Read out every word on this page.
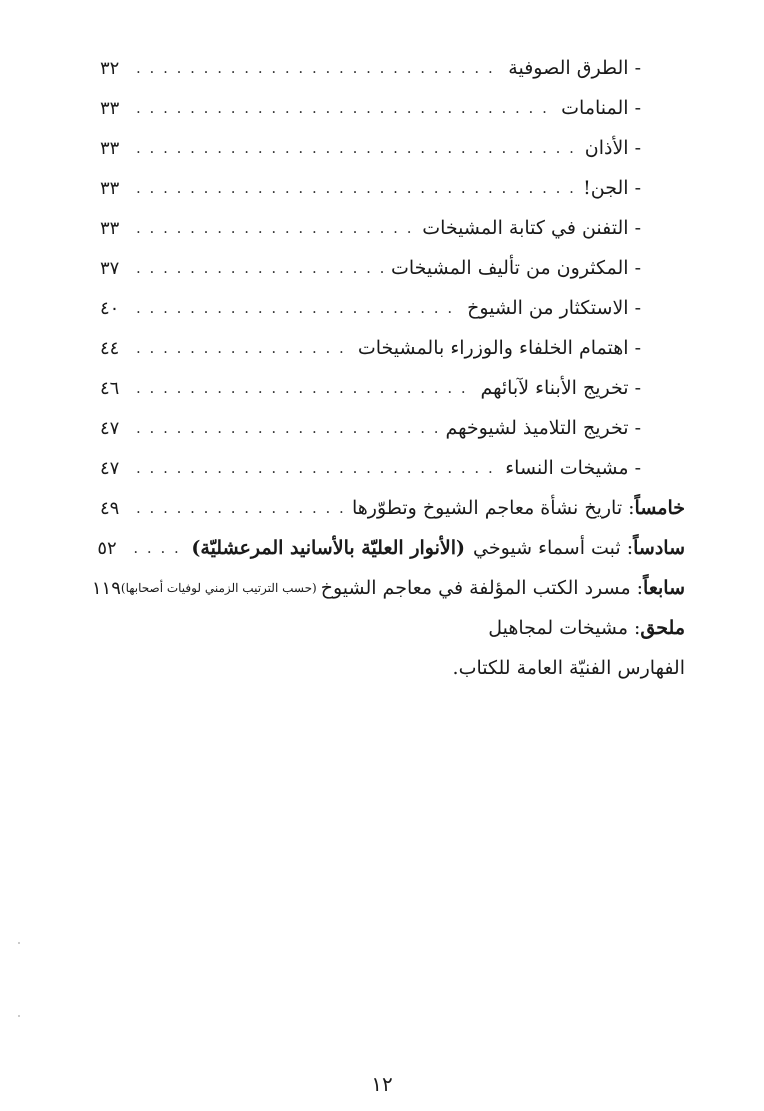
-
الطرق الصوفية
. . .
٣٢
-
المنامات
. . .
٣٣
-
الأذان
. . .
٣٣
-
الجن!
. . .
٣٣
-
التفنن في كتابة المشيخات
. . .
٣٣
-
المكثرون من تأليف المشيخات
. . .
٣٧
-
الاستكثار من الشيوخ
. . .
٤٠
-
اهتمام الخلفاء والوزراء بالمشيخات
. . .
٤٤
-
تخريج الأبناء لآبائهم
. . .
٤٦
-
تخريج التلاميذ لشيوخهم
. . .
٤٧
-
مشيخات النساء
. . .
٤٧
خامساً
:
تاريخ نشأة معاجم الشيوخ وتطوّرها
. . .
٤٩
سادساً
:
ثبت أسماء شيوخي
(الأنوار العليّة بالأسانيد المرعشليّة)
. . .
٥٢
سابعاً
:
مسرد الكتب المؤلفة في معاجم الشيوخ
(حسب الترتيب الزمني لوفيات أصحابها)
١١٩
ملحق
:
مشيخات لمجاهيل
الفهارس الفنيّة العامة للكتاب.
١٢
